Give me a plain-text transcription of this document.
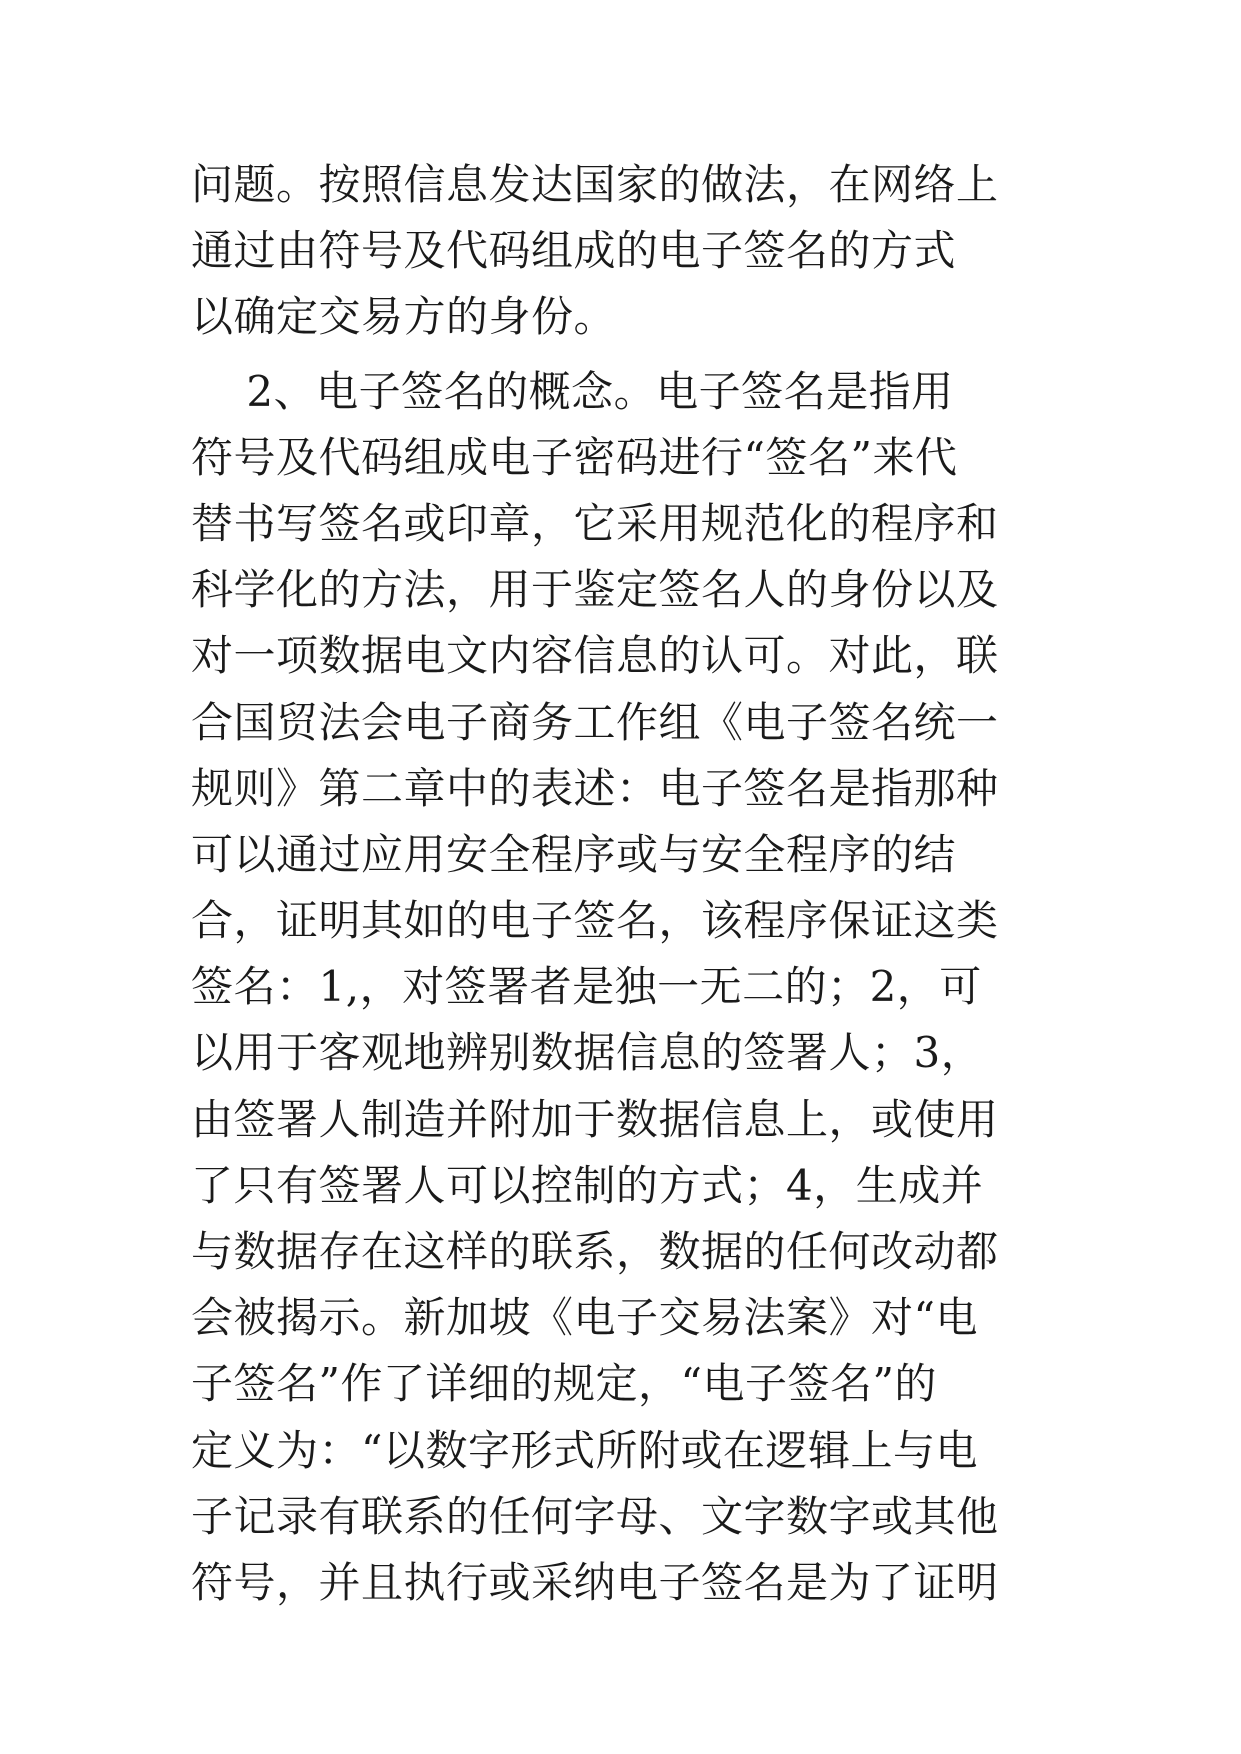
问题。按照信息发达国家的做法，在网络上
通过由符号及代码组成的电子签名的方式
以确定交易方的身份。
2、电子签名的概念。电子签名是指用
符号及代码组成电子密码进行“签名”来代
替书写签名或印章，它采用规范化的程序和
科学化的方法，用于鉴定签名人的身份以及
对一项数据电文内容信息的认可。对此，联
合国贸法会电子商务工作组《电子签名统一
规则》第二章中的表述：电子签名是指那种
可以通过应用安全程序或与安全程序的结
合，证明其如的电子签名，该程序保证这类
签名：1,，对签署者是独一无二的；2，可
以用于客观地辨别数据信息的签署人；3，
由签署人制造并附加于数据信息上，或使用
了只有签署人可以控制的方式；4，生成并
与数据存在这样的联系，数据的任何改动都
会被揭示。新加坡《电子交易法案》对“电
子签名”作了详细的规定，“电子签名”的
定义为：“以数字形式所附或在逻辑上与电
子记录有联系的任何字母、文字数字或其他
符号，并且执行或采纳电子签名是为了证明
